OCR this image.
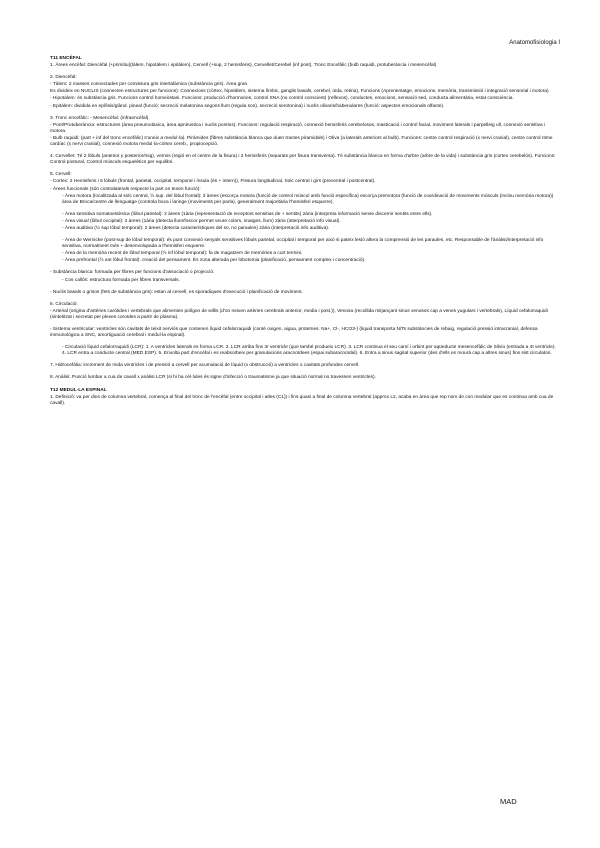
Anatomofisiologia I
T11 ENCÈFAL
1. Àrees encèfal: Diencèfal (+primitiu)(tàlem, hipotàlem i epitàlem), Cervell (+sup, 2 hemisferis), Cervellet/Cerebel (inf post), Tronc Encefàlic (bulb raquidi, protuberància i mesencèfal)
2. Diencèfal:
- Tàlem: 2 masses connectades per comissura gris intertalàmica (substància gris). Àrea gran.
Es divideix en NUCLIS (connecten estructures per funcions): Connexions (còrtex, hipotàlem, sistema límbic, ganglis basals, cerebel, oïda, retina), Funcions (Aprenentatge, emocions, memòria, transmissió i integració sensorial i motora)
- Hipotàlem: és substància gris. Funcions control homeòstasi. Funcions: producció d'hormones, control SNA (no control conscient) (reflexos), conductes, emocions, sensació sed, conducta alimentària, estat consciència.
- Epitàlem: dividida en epífisis/glànd. pineal (funció: secreció melatonina segons llum (regula son), secreció serotonina) i nuclis olivaris/habenulares (funció: aspectes emocionals olfacte).
3. Tronc encefàlic: - Mesencèfal: (infraencèfal).
- Pont/Protuberància: estructures (àrea pneumotàxica, àrea apnèustica i nuclis pontins). Funcions: regulació respiració, connexió hemisferis cerebelosos, masticació i control facial, moviment laterals i parpelleig ull, connexió sensitiva i motora.
- Bulb raquidi: (part + inf del tronc encefàlic) s'uneix a medul·la). Piràmides (fibres substància blanca que duen tractes piramidals) i Oliva (a laterals anteriors al bulb). Funcions: centre control respiració (x nervi cranial), centre control ritme cardíac (x nervi cranial), connexió motora medul·la-còrtex cereb., propiocepció.
4. Cervellet: Té 2 lòbuls (anterior y posterior/mig), vermis (regió en el centre de la fisura) i 2 hemisferis (separats per fisura transversa). Té substància blanca en forma d'arbre (arbre de la vida) i substància gris (cortex cerebelós). Funcions: Control postural, Control músculs esquelètics per equilibri.
5. Cervell:
- Cortex: 2 Hemisferis i 5 lòbuls (frontal, parietal, occipital, temporal i ínsula (és + intern)), Fissura longitudinal, Solc central i girs (precentral i postcentral).
- Àrees funcionals (són contralaterals respecte la part on tenen funció):
- Àrea motora (localitzada al solc central, ½ sup. del lòbul frontal): 3 àrees (escorça motora (funció de control múscul amb funció específica) escorça premotora (funció de coordinació de moviments músculs (inclou memòria motora)) àrea de Broca/centre de llenguatge (controla boca i laringe (moviments per parla), generalment majoritària l'hemisferi esquerre).
- Àrea sensitiva somatoestèsica (lòbul parietal): 2 àrees (1ària (representació de receptors sensitius de + sentits) 2ària (interpreta informació sense discernir sentits entre ells).
- Àrea visual (lòbul occipital): 2 àrees (1ària (detecta llum/foscor permet veure colors, imatges, llum) 2ària (interpretació info visual).
- Àrea auditiva (½ sup lòbul temporal): 2 àrees (detecta característiques del so, no paraules) 2ària (interpretació info auditiva).
- Àrea de Wernicke (post-sup de lòbul temporal): és punt connexió senyals sensitives lòbuls parietal, occipital i temporal per això si pateix lesió altera la comprensió de les paraules, etc. Responsable de l'ànàlisi/interpretació info sensitiva, normalment més + desenvolupada a l'hemisferi esquerre.
- Àrea de la memòria recent de lòbul temporal (½ inf lòbul temporal): fa de magatzem de memòries a curt termini.
- Àrea prefrontal (½ ant lòbul frontal): creació del pensament. És zona alterada per lobotomia (planificació, pensament complex i concentració).
- Substància blanca: formada per fibres per funcions d'associació o projecció.
- Cos callós: estructura formada per fibres transversals.
- Nuclis basals o grisos (fets de substància gris): estan al cervell, es sporadiques d'execució i planificació de moviment.
6. Circulació:
- Arterial (origina d'artèries caròtides i vertebrals que alimenten polígon de willis (d'on neixen artèries cerebrals anterior, media i post.)), Venosa (recollida mitjançant sinus venosos cap a venes yugulars i vertebrals), Líquid cefalorraquidi (sintetitzat i secretat per plexes coroïdes a partir de plasma).
- Sistema ventricular: ventricles són cavitats de teixit nerviós que contenen líquid cefalorraquidi (conté oxigen, aigua, proteïnes. Na+, Cl-, HCO3-) (liquid transporta N/Ts substàncies de rebuig, regulació pressió intracranial, defensa immunològica a SNC, amortiguació cerebral i medul·la espinal).
- Circulació líquid cefalorraquidi (LCR): 1. A ventricles laterals es forma LCR. 2. LCR arriba fins 3r ventricle (que també produeix LCR). 3. LCR continua el seu camí i orbint per aqüeducte mesencefàlic de Silvio (entrada a 4t ventricle). 4. LCR entra a conducte central (MED ESP). 5. Envolta part d'encèfal i es reabsorbeix per granulacions aracnoïdees (espai subaracnoïdal). 6. Entra a sinus sagital superior (des d'ells es mourà cap a altres sinus) fins sist circulatori.
7. Hidrocefàlia: increment de mida ventricles i de pressió a cervell per acumulació de líquid (x obstrucció) a ventricles o cavitats profundes cervell.
8. Anàlisi: Punció lumbar a cua de cavall x anàlisi LCR (si hi ha cèl·lules és signe d'infecció o traumatisme ja que situació normal no travessen ventricles).
T12 MEDUL·LA ESPINAL
1. Definició: va per dins de columna vertebral, comença al final del tronc de l'encèfal (entre occipital i atles (C1)) i fins quasi a final de columna vertebral (approx L2, acaba en àrea que rep nom de con medular que es continua amb cua de cavall).
MAD
